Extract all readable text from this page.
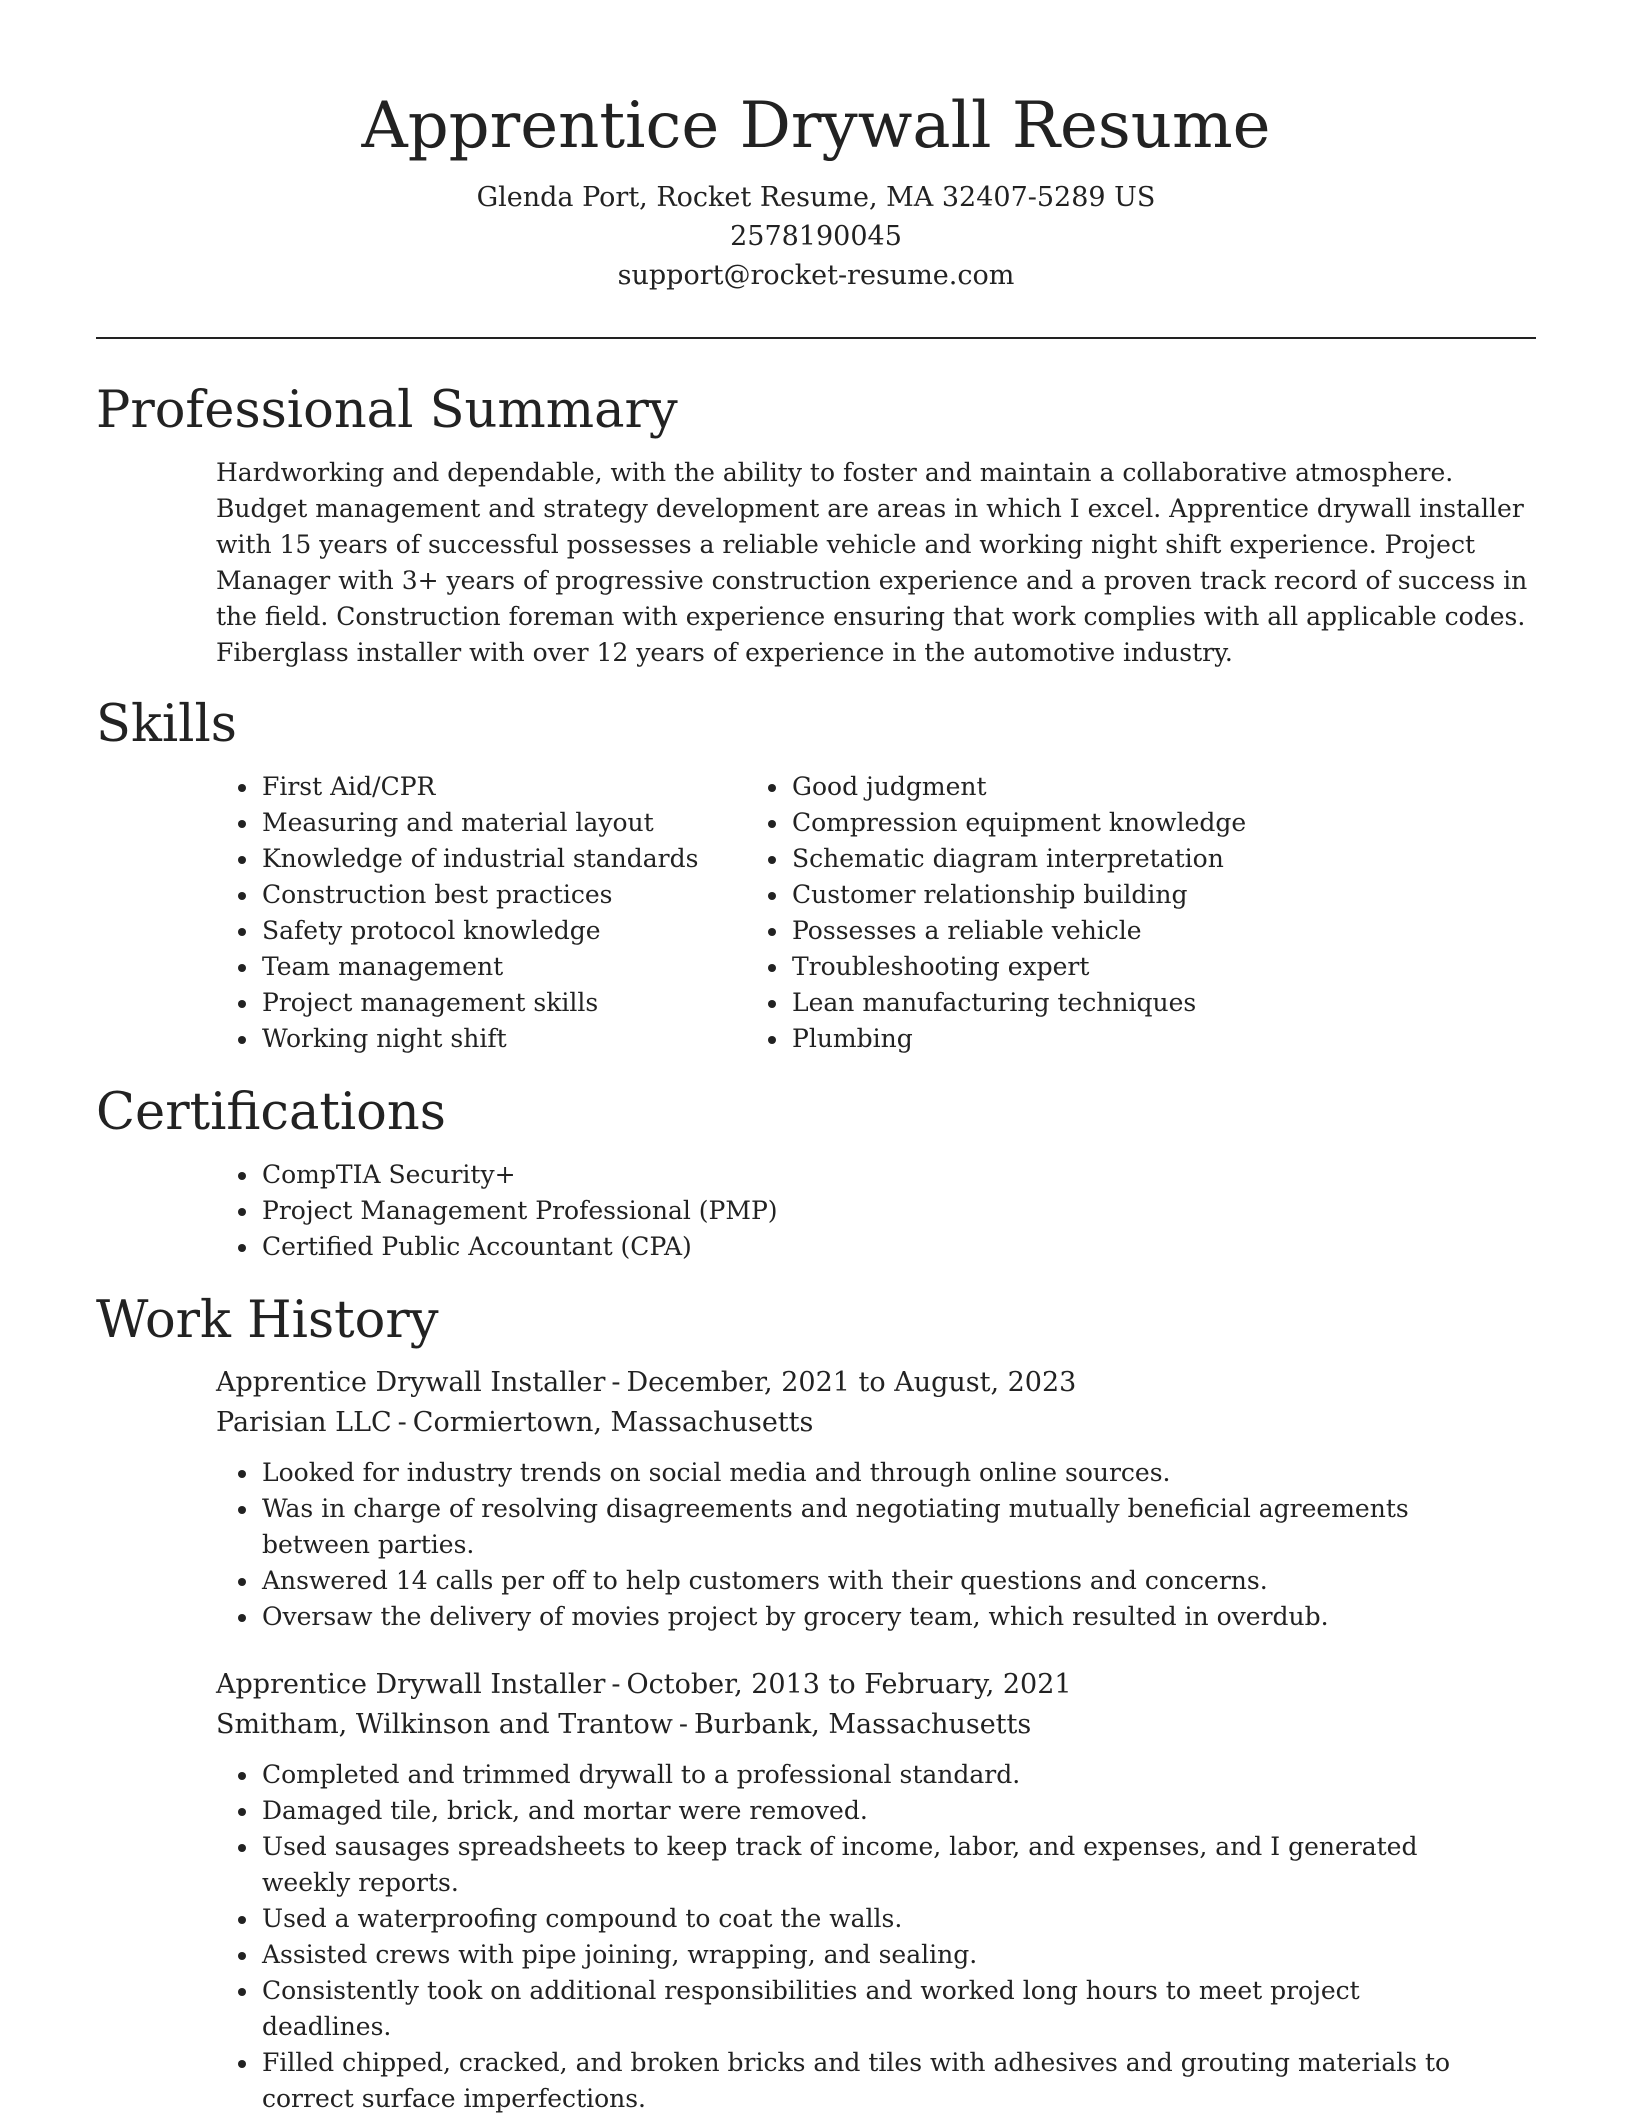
Apprentice Drywall Resume
Glenda Port, Rocket Resume, MA 32407-5289 US
2578190045
support@rocket-resume.com
Professional Summary

Hardworking and dependable, with the ability to foster and maintain a collaborative atmosphere. Budget management and strategy development are areas in which I excel. Apprentice drywall installer with 15 years of successful possesses a reliable vehicle and working night shift experience. Project Manager with 3+ years of progressive construction experience and a proven track record of success in the field. Construction foreman with experience ensuring that work complies with all applicable codes. Fiberglass installer with over 12 years of experience in the automotive industry.

Skills
• First Aid/CPR
• Measuring and material layout
• Knowledge of industrial standards
• Construction best practices
• Safety protocol knowledge
• Team management
• Project management skills
• Working night shift
• Good judgment
• Compression equipment knowledge
• Schematic diagram interpretation
• Customer relationship building
• Possesses a reliable vehicle
• Troubleshooting expert
• Lean manufacturing techniques
• Plumbing
Certifications
• CompTIA Security+
• Project Management Professional (PMP)
• Certified Public Accountant (CPA)
Work History
Apprentice Drywall Installer - December, 2021 to August, 2023
Parisian LLC - Cormiertown, Massachusetts
• Looked for industry trends on social media and through online sources.
• Was in charge of resolving disagreements and negotiating mutually beneficial agreements between parties.
• Answered 14 calls per off to help customers with their questions and concerns.
• Oversaw the delivery of movies project by grocery team, which resulted in overdub.
Apprentice Drywall Installer - October, 2013 to February, 2021
Smitham, Wilkinson and Trantow - Burbank, Massachusetts
• Completed and trimmed drywall to a professional standard.
• Damaged tile, brick, and mortar were removed.
• Used sausages spreadsheets to keep track of income, labor, and expenses, and I generated weekly reports.
• Used a waterproofing compound to coat the walls.
• Assisted crews with pipe joining, wrapping, and sealing.
• Consistently took on additional responsibilities and worked long hours to meet project deadlines.
• Filled chipped, cracked, and broken bricks and tiles with adhesives and grouting materials to correct surface imperfections.
